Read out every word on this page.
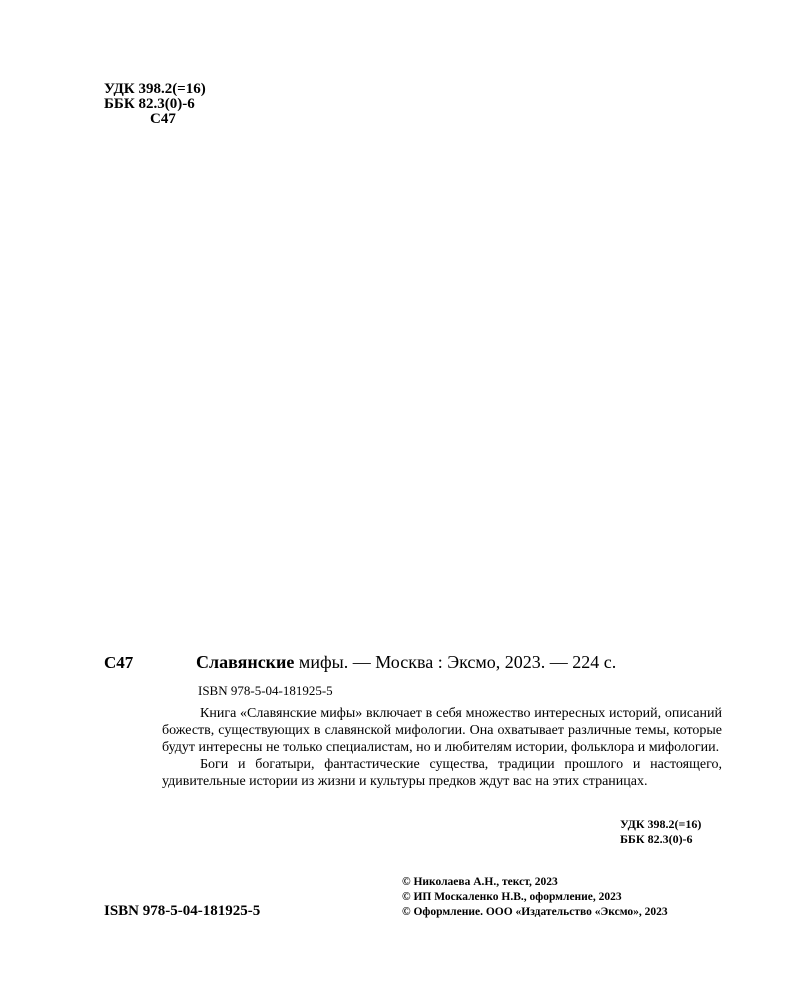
УДК 398.2(=16)
ББК 82.3(0)-6
С47
С47	Славянские мифы. — Москва : Эксмо, 2023. — 224 с.
ISBN 978-5-04-181925-5

Книга «Славянские мифы» включает в себя множество интересных историй, описаний божеств, существующих в славянской мифологии. Она охватывает различные темы, которые будут интересны не только специалистам, но и любителям истории, фольклора и мифологии.

Боги и богатыри, фантастические существа, традиции прошлого и настоящего, удивительные истории из жизни и культуры предков ждут вас на этих страницах.

УДК 398.2(=16)
ББК 82.3(0)-6
© Николаева А.Н., текст, 2023
© ИП Москаленко Н.В., оформление, 2023
© Оформление. ООО «Издательство «Эксмо», 2023
ISBN 978-5-04-181925-5
